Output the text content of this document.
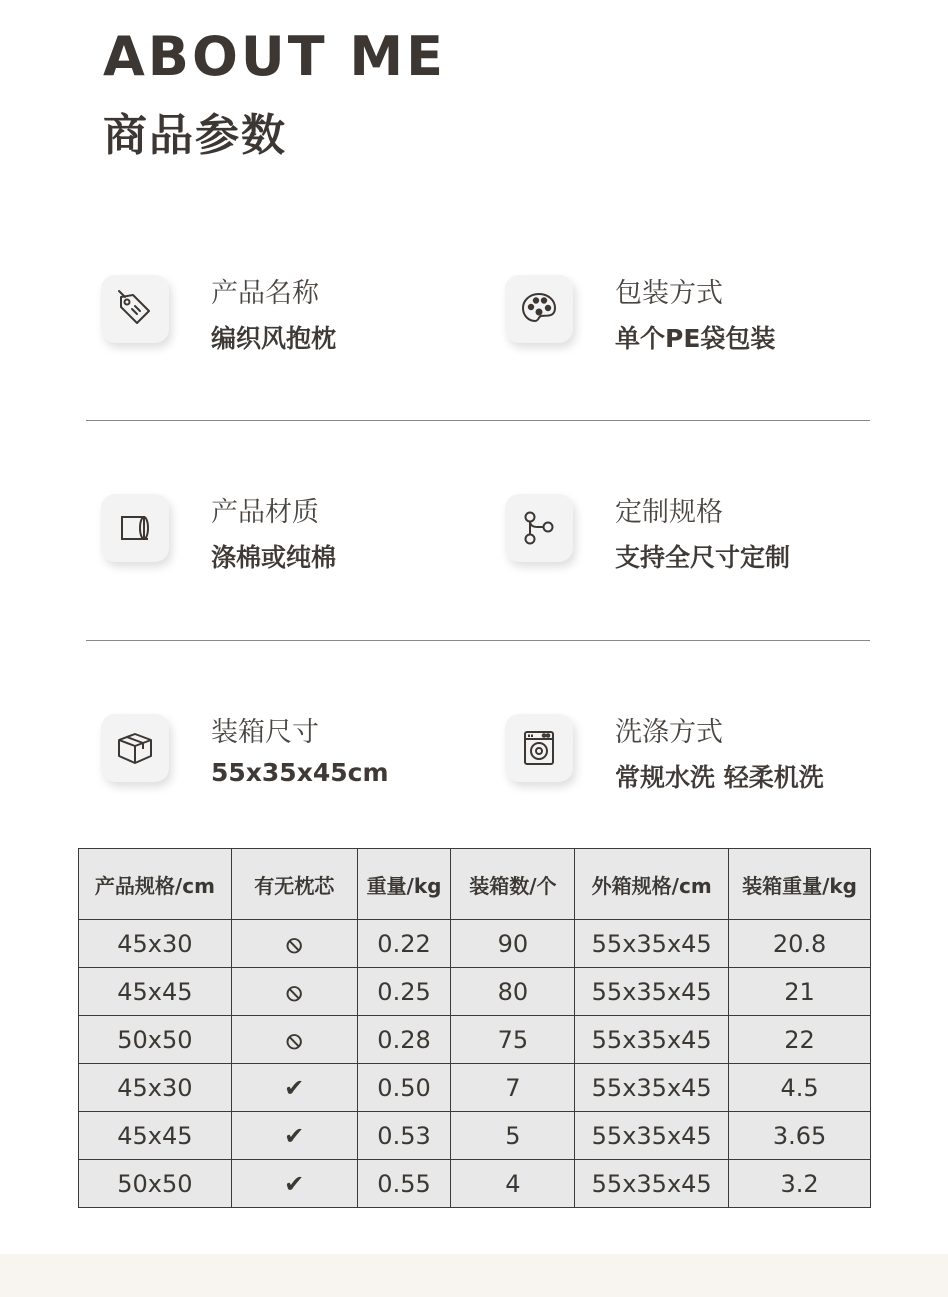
ABOUT ME
商品参数
产品名称
编织风抱枕
包装方式
单个PE袋包装
产品材质
涤棉或纯棉
定制规格
支持全尺寸定制
装箱尺寸
55x35x45cm
洗涤方式
常规水洗 轻柔机洗
产品规格/cm	有无枕芯	重量/kg	装箱数/个	外箱规格/cm	装箱重量/kg
45x30	⦸	0.22	90	55x35x45	20.8
45x45	⦸	0.25	80	55x35x45	21
50x50	⦸	0.28	75	55x35x45	22
45x30	✔	0.50	7	55x35x45	4.5
45x45	✔	0.53	5	55x35x45	3.65
50x50	✔	0.55	4	55x35x45	3.2
